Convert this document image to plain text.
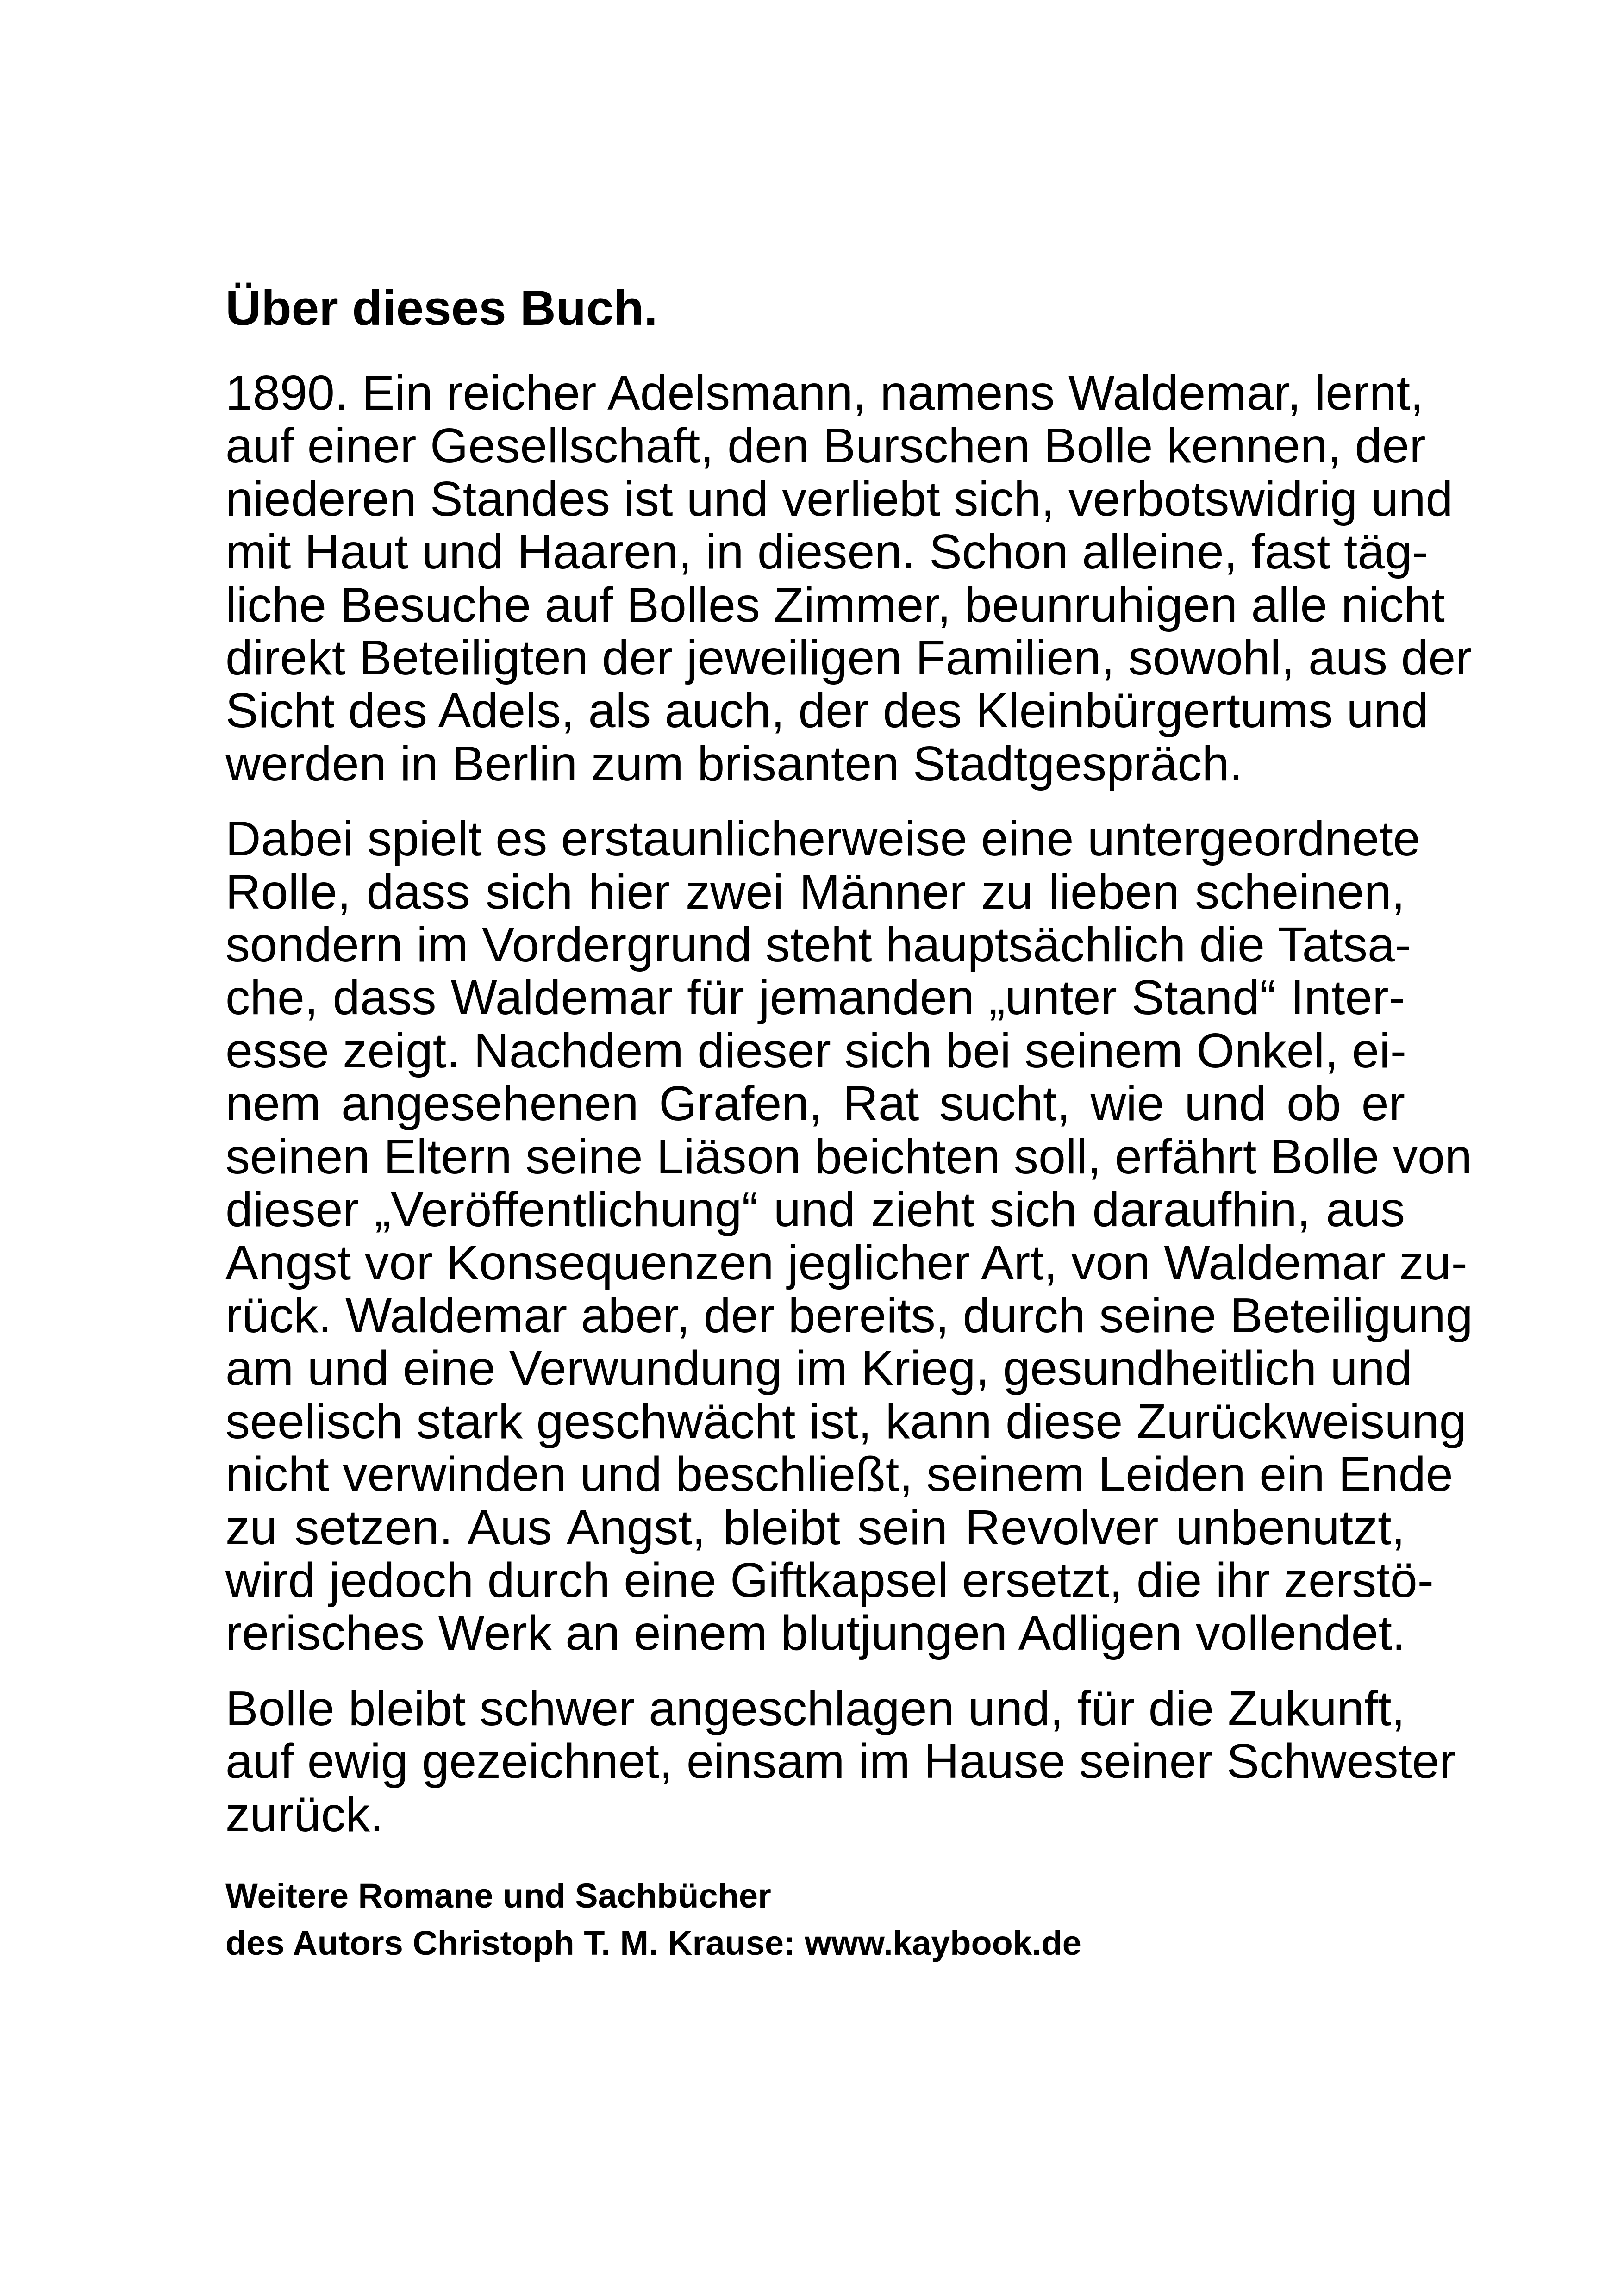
Über dieses Buch.
1890. Ein reicher Adelsmann, namens Waldemar, lernt,
auf einer Gesellschaft, den Burschen Bolle kennen, der
niederen Standes ist und verliebt sich, verbotswidrig und
mit Haut und Haaren, in diesen. Schon alleine, fast täg-
liche Besuche auf Bolles Zimmer, beunruhigen alle nicht
direkt Beteiligten der jeweiligen Familien, sowohl, aus der
Sicht des Adels, als auch, der des Kleinbürgertums und
werden in Berlin zum brisanten Stadtgespräch.
Dabei spielt es erstaunlicherweise eine untergeordnete
Rolle, dass sich hier zwei Männer zu lieben scheinen,
sondern im Vordergrund steht hauptsächlich die Tatsa-
che, dass Waldemar für jemanden „unter Stand“ Inter-
esse zeigt. Nachdem dieser sich bei seinem Onkel, ei-
nem angesehenen Grafen, Rat sucht, wie und ob er
seinen Eltern seine Liäson beichten soll, erfährt Bolle von
dieser „Veröffentlichung“ und zieht sich daraufhin, aus
Angst vor Konsequenzen jeglicher Art, von Waldemar zu-
rück. Waldemar aber, der bereits, durch seine Beteiligung
am und eine Verwundung im Krieg, gesundheitlich und
seelisch stark geschwächt ist, kann diese Zurückweisung
nicht verwinden und beschließt, seinem Leiden ein Ende
zu setzen. Aus Angst, bleibt sein Revolver unbenutzt,
wird jedoch durch eine Giftkapsel ersetzt, die ihr zerstö-
rerisches Werk an einem blutjungen Adligen vollendet.
Bolle bleibt schwer angeschlagen und, für die Zukunft,
auf ewig gezeichnet, einsam im Hause seiner Schwester
zurück.
Weitere Romane und Sachbücher
des Autors Christoph T. M. Krause: www.kaybook.de
